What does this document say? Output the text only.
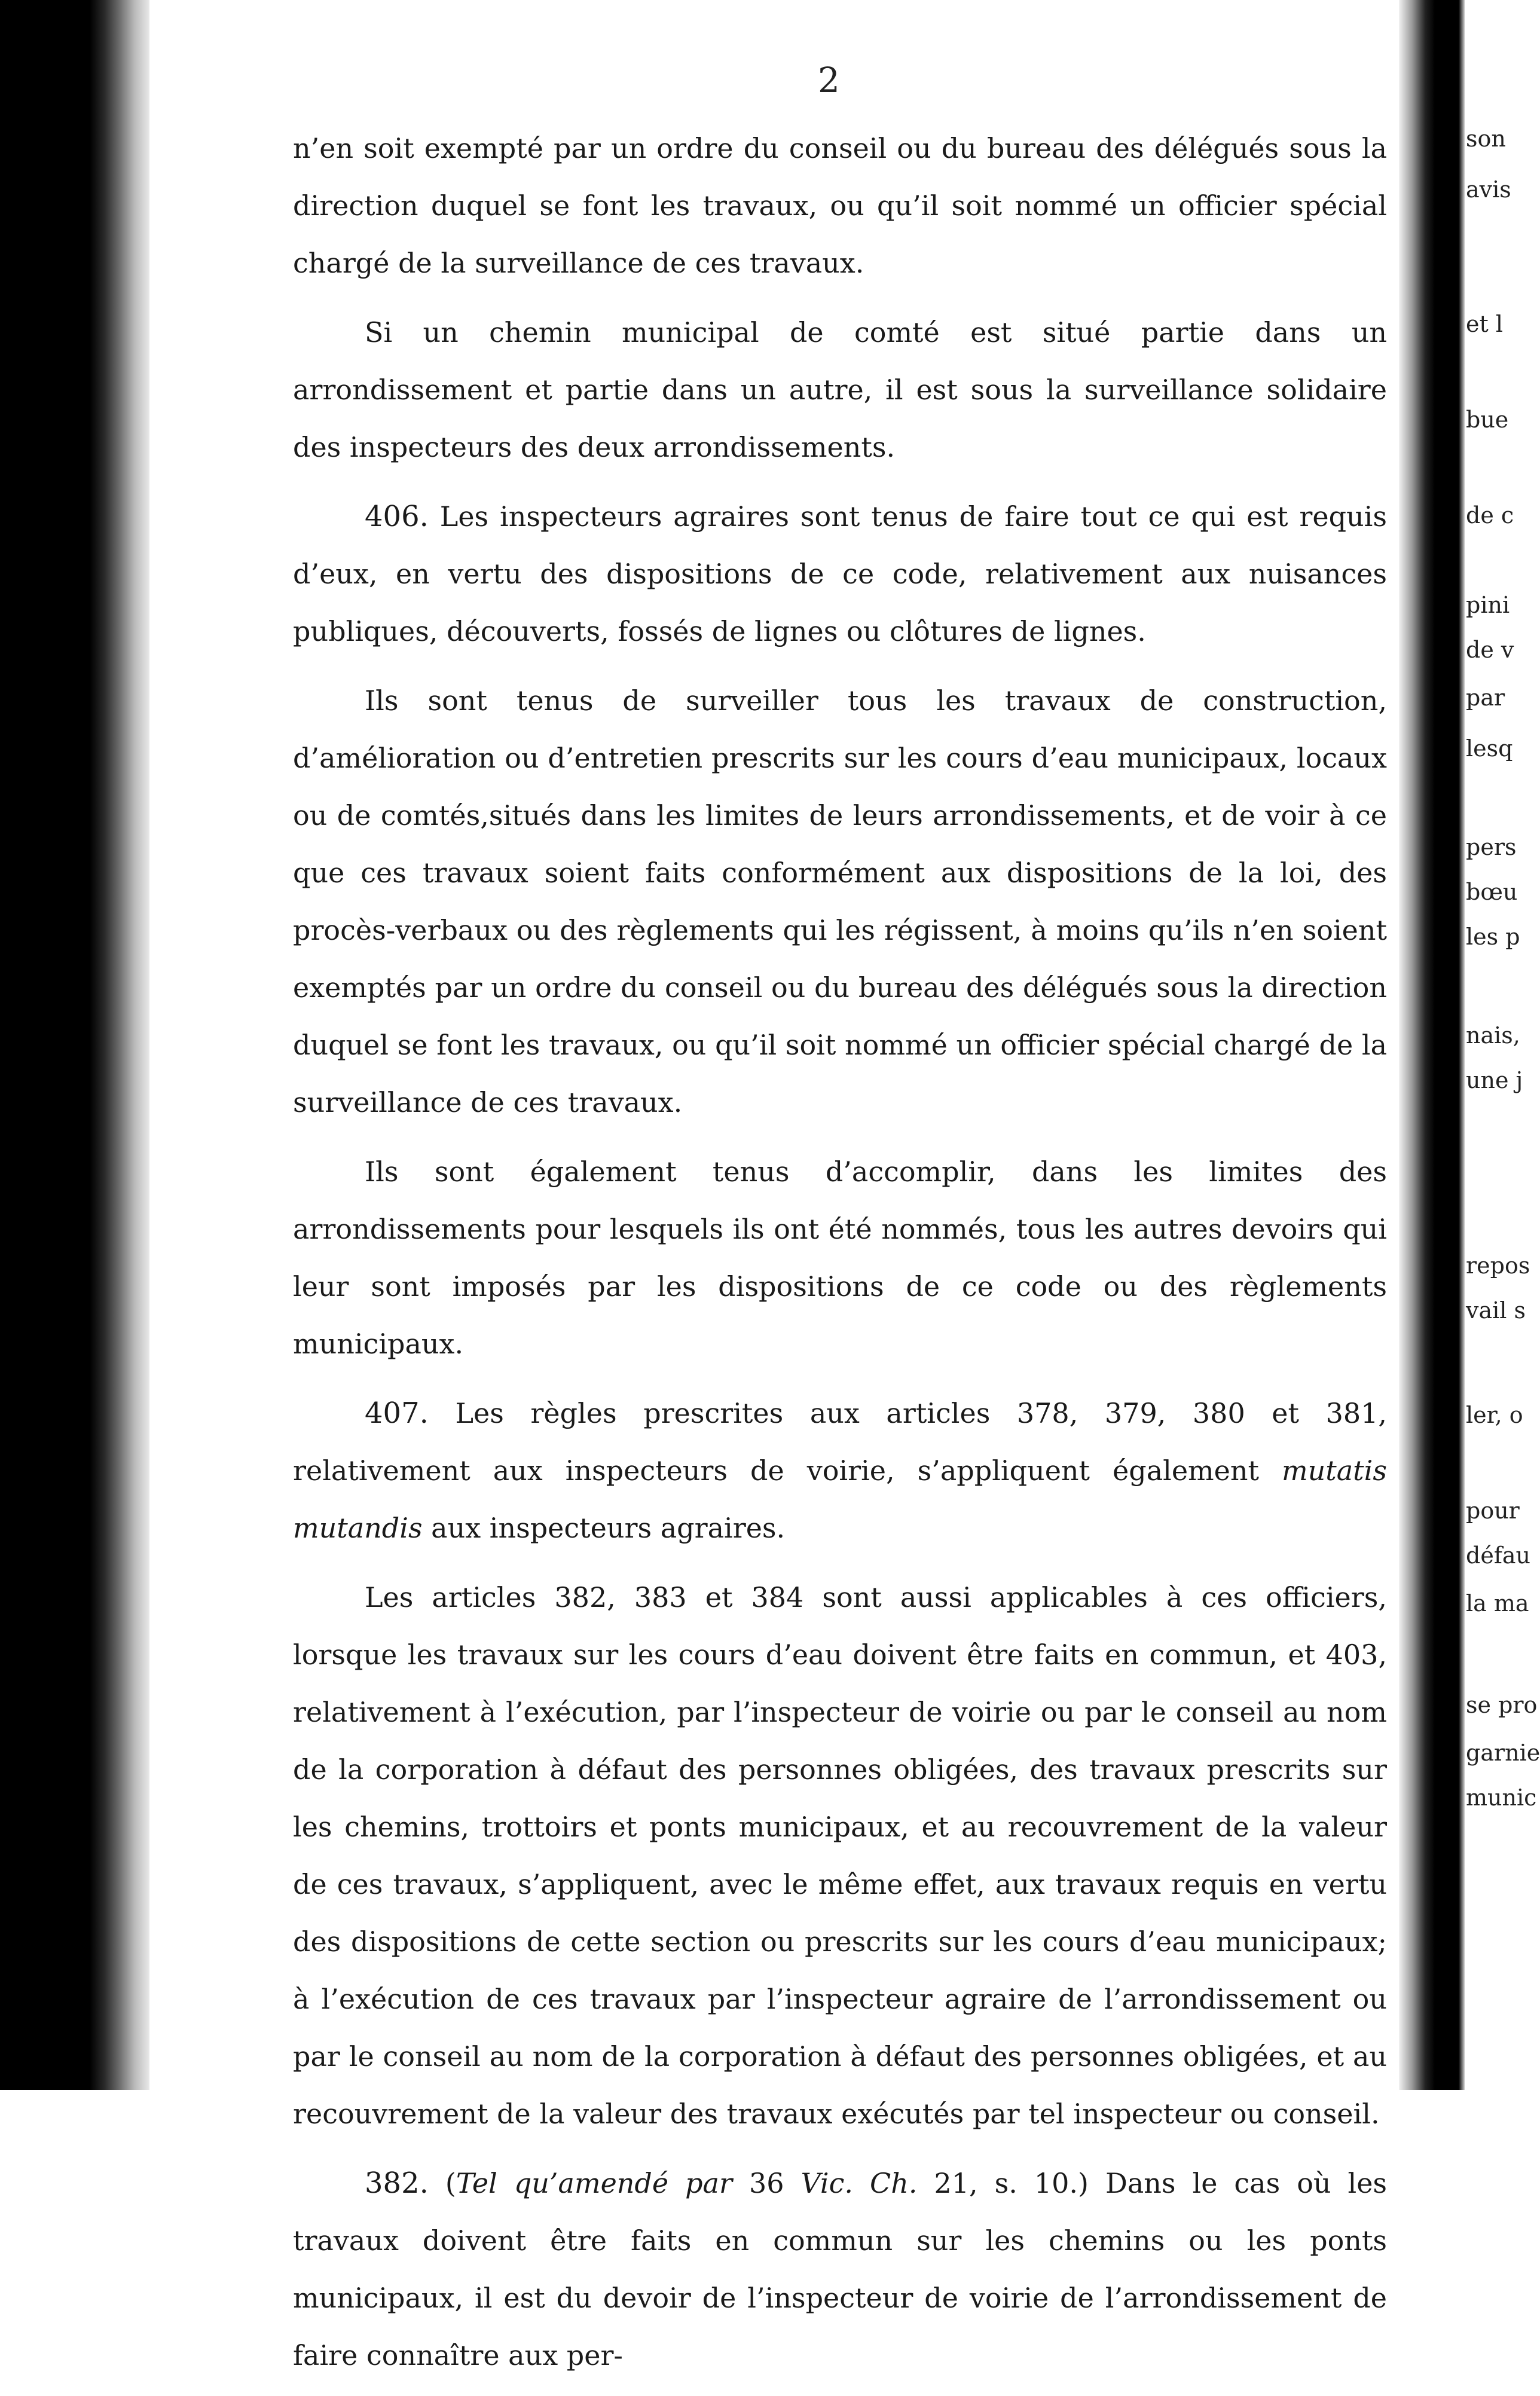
2

n’en soit exempté par un ordre du conseil ou du bureau des délégués sous la direction duquel se font les travaux, ou qu’il soit nommé un officier spécial chargé de la surveillance de ces travaux.

Si un chemin municipal de comté est situé partie dans un arrondissement et partie dans un autre, il est sous la surveillance solidaire des inspecteurs des deux arrondissements.

406. Les inspecteurs agraires sont tenus de faire tout ce qui est requis d’eux, en vertu des dispositions de ce code, relativement aux nuisances publiques, découverts, fossés de lignes ou clôtures de lignes.

Ils sont tenus de surveiller tous les travaux de construction, d’amélioration ou d’entretien prescrits sur les cours d’eau municipaux, locaux ou de comtés,situés dans les limites de leurs arrondissements, et de voir à ce que ces travaux soient faits conformément aux dispositions de la loi, des procès-verbaux ou des règlements qui les régissent, à moins qu’ils n’en soient exemptés par un ordre du conseil ou du bureau des délégués sous la direction duquel se font les travaux, ou qu’il soit nommé un officier spécial chargé de la surveillance de ces travaux.

Ils sont également tenus d’accomplir, dans les limites des arrondissements pour lesquels ils ont été nommés, tous les autres devoirs qui leur sont imposés par les dispositions de ce code ou des règlements municipaux.

407. Les règles prescrites aux articles 378, 379, 380 et 381, relativement aux inspecteurs de voirie, s’appliquent également mutatis mutandis aux inspecteurs agraires.

Les articles 382, 383 et 384 sont aussi applicables à ces officiers, lorsque les travaux sur les cours d’eau doivent être faits en commun, et 403, relativement à l’exécution, par l’inspecteur de voirie ou par le conseil au nom de la corporation à défaut des personnes obligées, des travaux prescrits sur les chemins, trottoirs et ponts municipaux, et au recouvrement de la valeur de ces travaux, s’appliquent, avec le même effet, aux travaux requis en vertu des dispositions de cette section ou prescrits sur les cours d’eau municipaux; à l’exécution de ces travaux par l’inspecteur agraire de l’arrondissement ou par le conseil au nom de la corporation à défaut des personnes obligées, et au recouvrement de la valeur des travaux exécutés par tel inspecteur ou conseil.

382. (Tel qu’amendé par 36 Vic. Ch. 21, s. 10.) Dans le cas où les travaux doivent être faits en commun sur les chemins ou les ponts municipaux, il est du devoir de l’inspecteur de voirie de l’arrondissement de faire connaître aux per-

son
avis
et l
bue
de c
pini
de v
par
lesq
pers
bœu
les p
nais,
une j
repos
vail s
ler, o
pour
défau
la ma
se pro
garnie
munic
